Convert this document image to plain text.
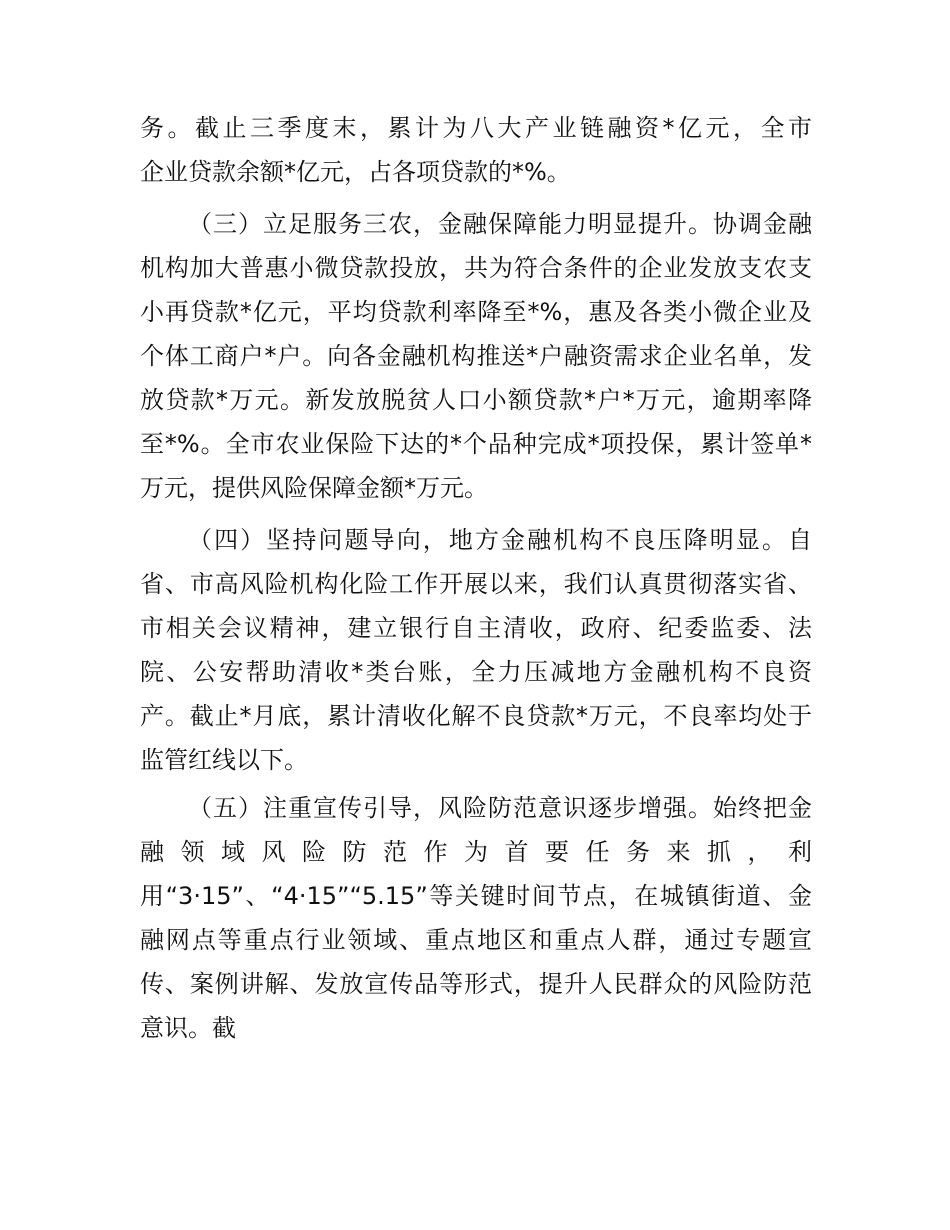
务。截止三季度末，累计为八大产业链融资*亿元，全市
企业贷款余额*亿元，占各项贷款的*%。
（三）立足服务三农，金融保障能力明显提升。协调金融
机构加大普惠小微贷款投放，共为符合条件的企业发放支农支
小再贷款*亿元，平均贷款利率降至*%，惠及各类小微企业及
个体工商户*户。向各金融机构推送*户融资需求企业名单，发
放贷款*万元。新发放脱贫人口小额贷款*户*万元，逾期率降
至*%。全市农业保险下达的*个品种完成*项投保，累计签单*
万元，提供风险保障金额*万元。
（四）坚持问题导向，地方金融机构不良压降明显。自
省、市高风险机构化险工作开展以来，我们认真贯彻落实省、
市相关会议精神，建立银行自主清收，政府、纪委监委、法
院、公安帮助清收*类台账，全力压减地方金融机构不良资
产。截止*月底，累计清收化解不良贷款*万元，不良率均处于
监管红线以下。
（五）注重宣传引导，风险防范意识逐步增强。始终把金
融 领 域 风 险 防 范 作 为 首 要 任 务 来 抓 ， 利
用“3·15”、“4·15”“5.15”等关键时间节点，在城镇街道、金
融网点等重点行业领域、重点地区和重点人群，通过专题宣
传、案例讲解、发放宣传品等形式，提升人民群众的风险防范
意识。截
